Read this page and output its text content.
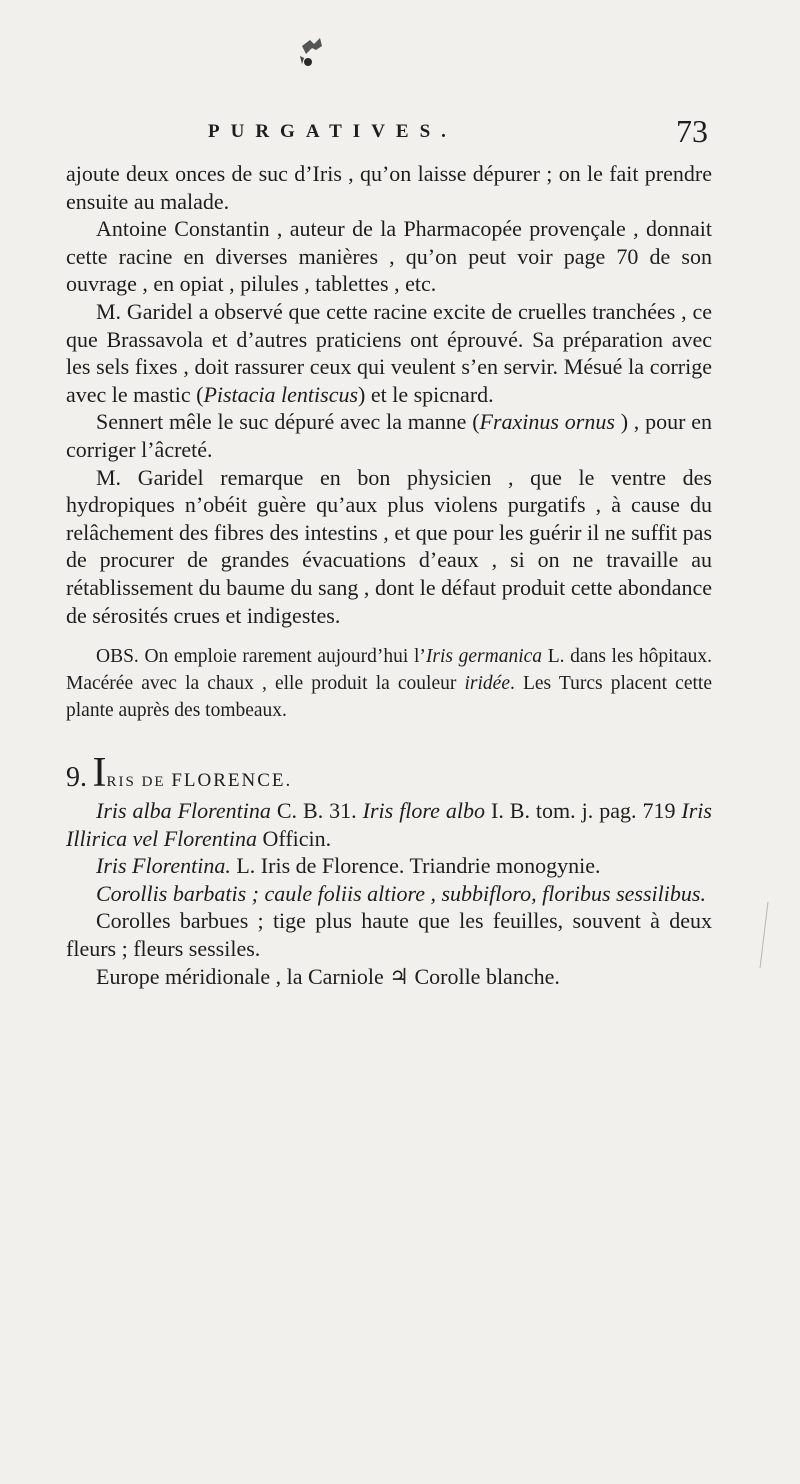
PURGATIVES.	73

ajoute deux onces de suc d’Iris , qu’on laisse dépurer ; on le fait prendre ensuite au malade.

Antoine Constantin , auteur de la Pharmacopée provençale , donnait cette racine en diverses manières , qu’on peut voir page 70 de son ouvrage , en opiat , pilules , tablettes , etc.

M. Garidel a observé que cette racine excite de cruelles tranchées , ce que Brassavola et d’autres praticiens ont éprouvé. Sa préparation avec les sels fixes , doit rassurer ceux qui veulent s’en servir. Mésué la corrige avec le mastic (Pistacia lentiscus) et le spicnard.

Sennert mêle le suc dépuré avec la manne (Fraxinus ornus ) , pour en corriger l’âcreté.

M. Garidel remarque en bon physicien , que le ventre des hydropiques n’obéit guère qu’aux plus violens purgatifs , à cause du relâchement des fibres des intestins , et que pour les guérir il ne suffit pas de procurer de grandes évacuations d’eaux , si on ne travaille au rétablissement du baume du sang , dont le défaut produit cette abondance de sérosités crues et indigestes.

OBS. On emploie rarement aujourd’hui l’Iris germanica L. dans les hôpitaux. Macérée avec la chaux , elle produit la couleur iridée. Les Turcs placent cette plante auprès des tombeaux.

9. IRIS DE FLORENCE.

Iris alba Florentina C. B. 31. Iris flore albo I. B. tom. j. pag. 719 Iris Illirica vel Florentina Officin.

Iris Florentina. L. Iris de Florence. Triandrie monogynie.

Corollis barbatis ; caule foliis altiore , subbifloro, floribus sessilibus.

Corolles barbues ; tige plus haute que les feuilles, souvent à deux fleurs ; fleurs sessiles.

Europe méridionale , la Carniole ♃ Corolle blanche.
